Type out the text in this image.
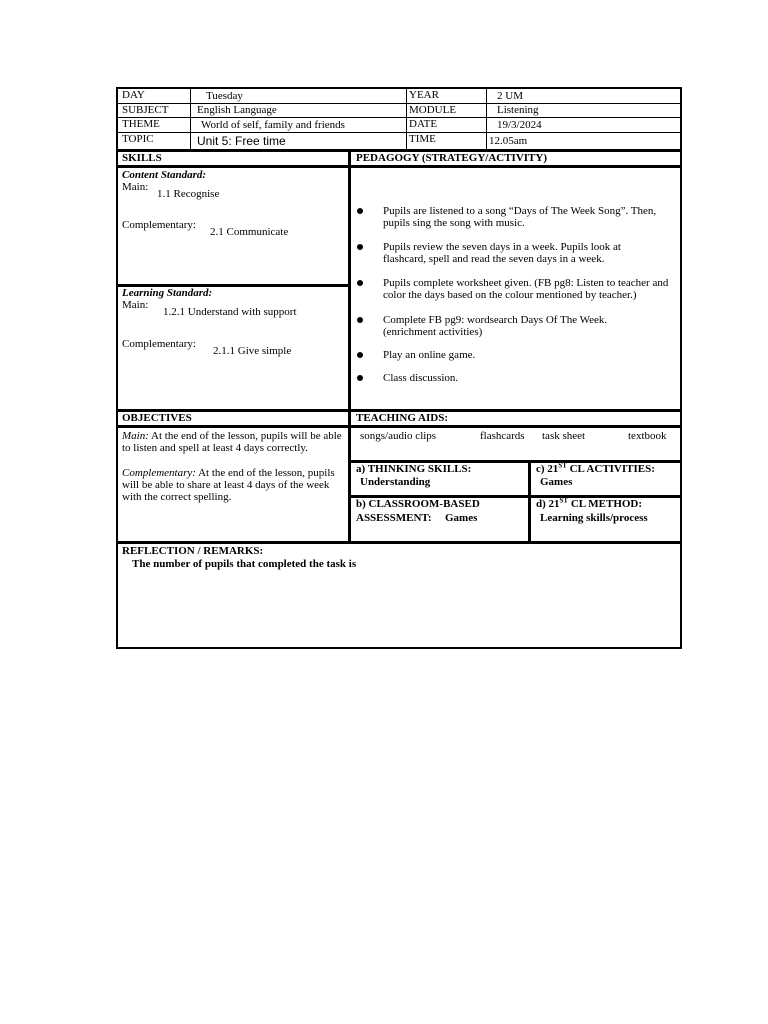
DAY	Tuesday	YEAR	2 UM
SUBJECT	English Language	MODULE	Listening
THEME	World of self, family and friends	DATE	19/3/2024
TOPIC	Unit 5: Free time	TIME	12.05am
SKILLS	PEDAGOGY (STRATEGY/ACTIVITY)
Content Standard:
Main:
1.1 Recognise
Complementary:
2.1 Communicate
Learning Standard:
Main:
1.2.1 Understand with support
Complementary:
2.1.1 Give simple
Pupils are listened to a song “Days of The Week Song”. Then, pupils sing the song with music.
Pupils review the seven days in a week. Pupils look at flashcard, spell and read the seven days in a week.
Pupils complete worksheet given. (FB pg8: Listen to teacher and color the days based on the colour mentioned by teacher.)
Complete FB pg9: wordsearch Days Of The Week. (enrichment activities)
Play an online game.
Class discussion.
OBJECTIVES	TEACHING AIDS:
Main: At the end of the lesson, pupils will be able to listen and spell at least 4 days correctly.
Complementary: At the end of the lesson, pupils will be able to share at least 4 days of the week with the correct spelling.
songs/audio clips	flashcards task sheet	textbook
a) THINKING SKILLS:
Understanding
c) 21ST CL ACTIVITIES:
Games
b) CLASSROOM-BASED
ASSESSMENT: Games
d) 21ST CL METHOD:
Learning skills/process
REFLECTION / REMARKS:
The number of pupils that completed the task is
